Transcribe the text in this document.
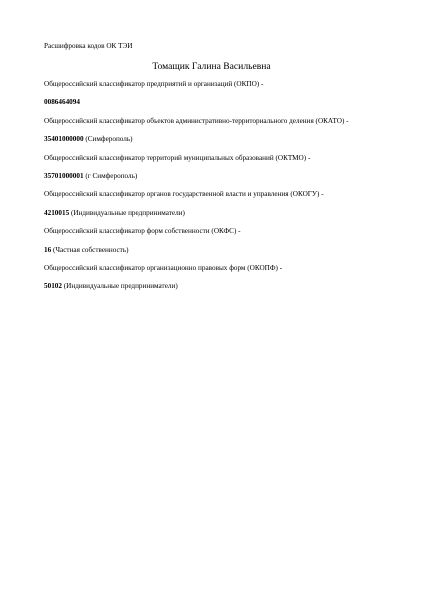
Расшифровка кодов ОК ТЭИ
Томащик Галина Васильевна
Общероссийский классификатор предприятий и организаций (ОКПО) -
0086464094
Общероссийский классификатор объектов административно-территориального деления (ОКАТО) -
35401000000 (Симферополь)
Общероссийский классификатор территорий муниципальных образований (ОКТМО) -
35701000001 (г Симферополь)
Общероссийский классификатор органов государственной власти и управления (ОКОГУ) -
4210015 (Индивидуальные предприниматели)
Общероссийский классификатор форм собственности (ОКФС) -
16 (Частная собственность)
Общероссийский классификатор организационно правовых форм (ОКОПФ) -
50102 (Индивидуальные предприниматели)
